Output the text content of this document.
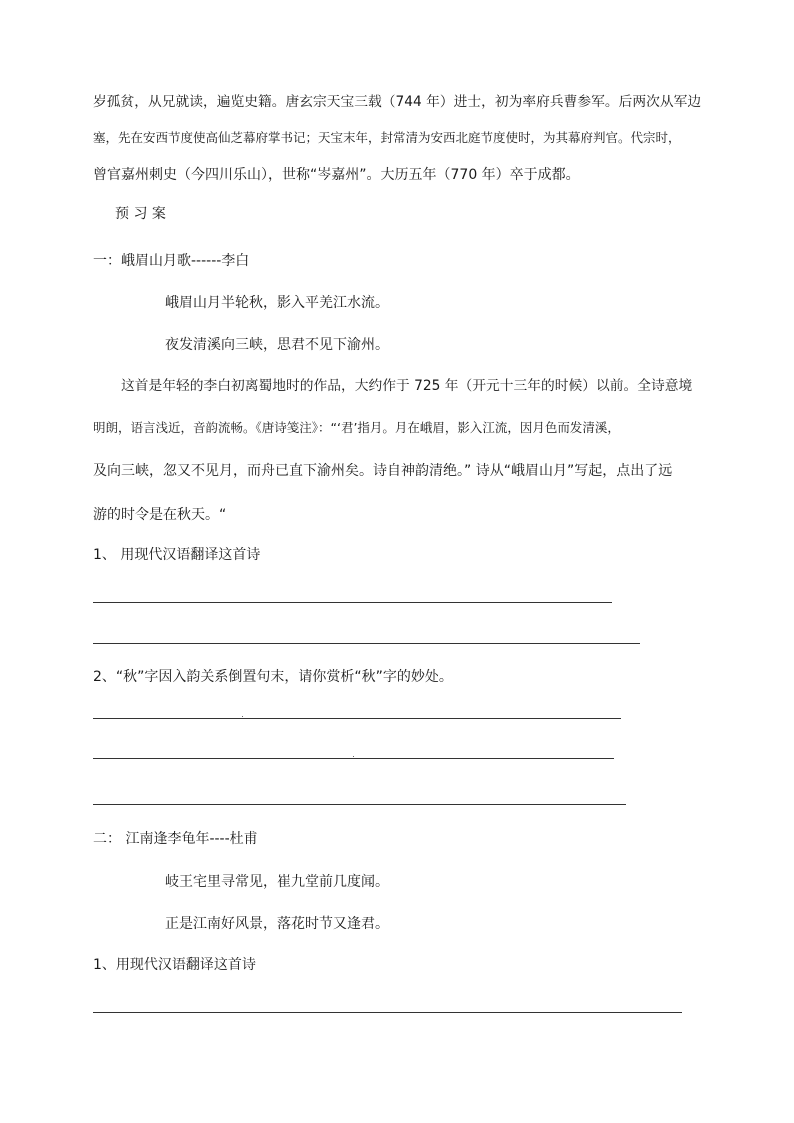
岁孤贫，从兄就读，遍览史籍。唐玄宗天宝三载（744 年）进士，初为率府兵曹参军。后两次从军边
塞，先在安西节度使高仙芝幕府掌书记；天宝末年，封常清为安西北庭节度使时，为其幕府判官。代宗时，
曾官嘉州刺史（今四川乐山），世称“岑嘉州”。大历五年（770 年）卒于成都。
预 习 案
一：峨眉山月歌------李白
峨眉山月半轮秋，影入平羌江水流。
夜发清溪向三峡，思君不见下渝州。
这首是年轻的李白初离蜀地时的作品，大约作于 725 年（开元十三年的时候）以前。全诗意境
明朗，语言浅近，音韵流畅。《唐诗笺注》：“‘君’指月。月在峨眉，影入江流，因月色而发清溪，
及向三峡，忽又不见月，而舟已直下渝州矣。诗自神韵清绝。” 诗从“峨眉山月”写起，点出了远
游的时令是在秋天。“
1、 用现代汉语翻译这首诗
2、“秋”字因入韵关系倒置句末，请你赏析“秋”字的妙处。
二： 江南逢李龟年----杜甫
岐王宅里寻常见，崔九堂前几度闻。
正是江南好风景，落花时节又逢君。
1、用现代汉语翻译这首诗
